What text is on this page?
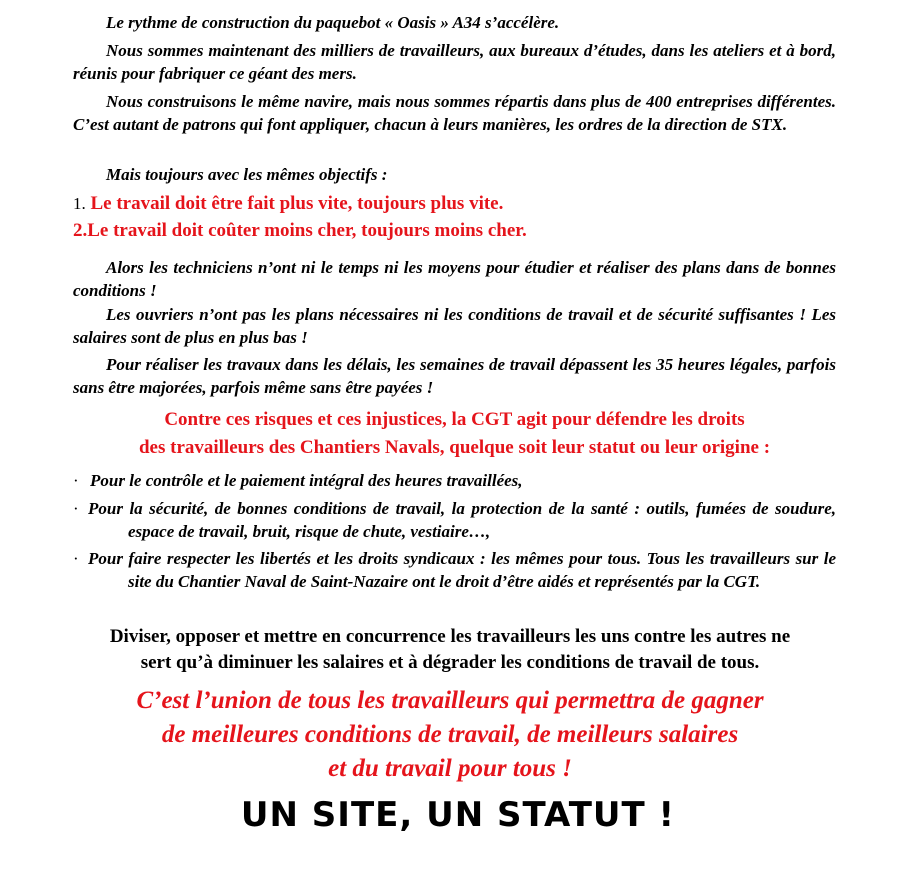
Le rythme de construction du paquebot « Oasis » A34 s’accélère.

Nous sommes maintenant des milliers de travailleurs, aux bureaux d’études, dans les ateliers et à bord, réunis pour fabriquer ce géant des mers.

Nous construisons le même navire, mais nous sommes répartis dans plus de 400 entreprises différentes. C’est autant de patrons qui font appliquer, chacun à leurs manières, les ordres de la direction de STX.

Mais toujours avec les mêmes objectifs :

1. Le travail doit être fait plus vite, toujours plus vite.
2.Le travail doit coûter moins cher, toujours moins cher.

Alors les techniciens n’ont ni le temps ni les moyens pour étudier et réaliser des plans dans de bonnes conditions !

Les ouvriers n’ont pas les plans nécessaires ni les conditions de travail et de sécurité suffisantes ! Les salaires sont de plus en plus bas !

Pour réaliser les travaux dans les délais, les semaines de travail dépassent les 35 heures légales, parfois sans être majorées, parfois même sans être payées !

Contre ces risques et ces injustices, la CGT agit pour défendre les droits

des travailleurs des Chantiers Navals, quelque soit leur statut ou leur origine :

· Pour le contrôle et le paiement intégral des heures travaillées,
· Pour la sécurité, de bonnes conditions de travail, la protection de la santé : outils, fumées de soudure, espace de travail, bruit, risque de chute, vestiaire…,
· Pour faire respecter les libertés et les droits syndicaux : les mêmes pour tous. Tous les travailleurs sur le site du Chantier Naval de Saint-Nazaire ont le droit d’être aidés et représentés par la CGT.

Diviser, opposer et mettre en concurrence les travailleurs les uns contre les autres ne

sert qu’à diminuer les salaires et à dégrader les conditions de travail de tous.

C’est l’union de tous les travailleurs qui permettra de gagner

de meilleures conditions de travail, de meilleurs salaires

et du travail pour tous !

UN SITE, UN STATUT !
